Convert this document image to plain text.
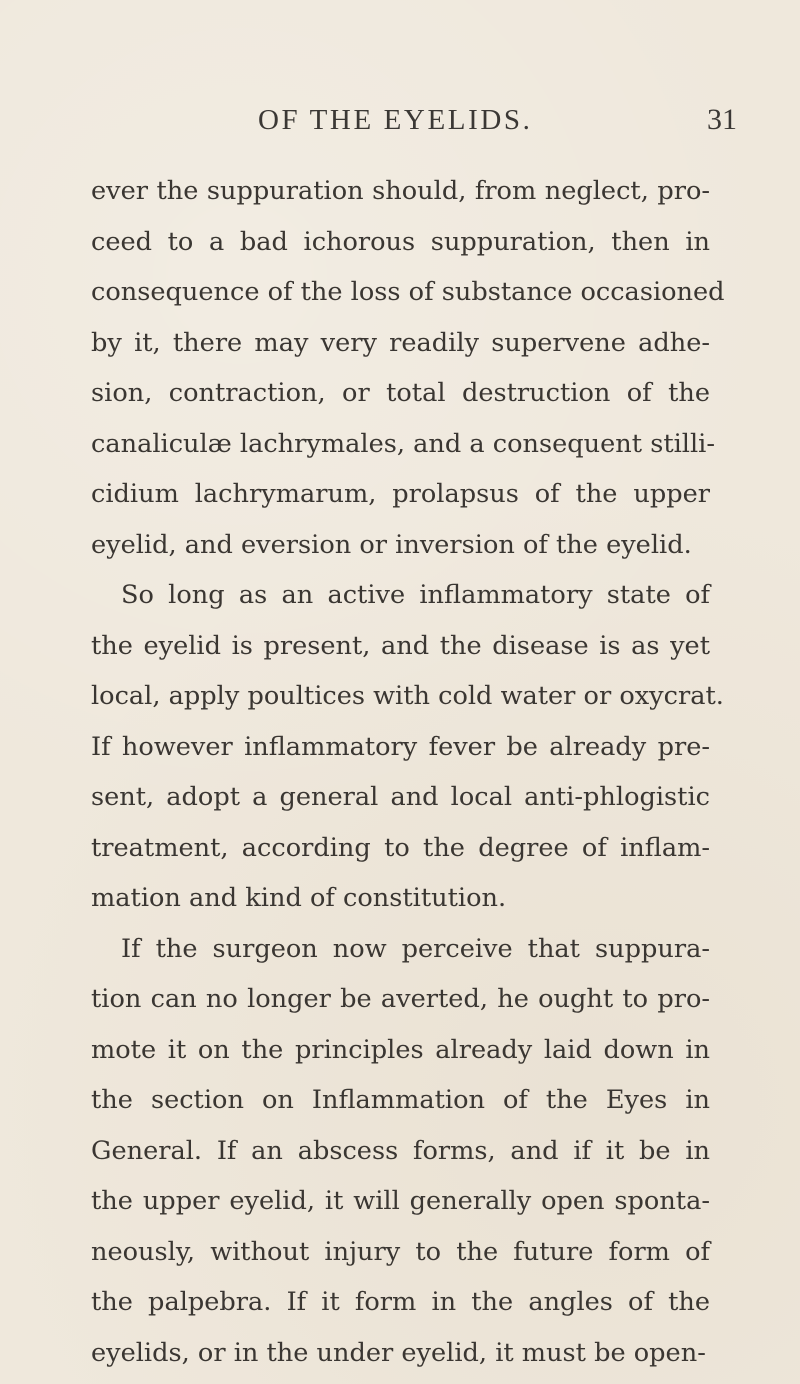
OF THE EYELIDS.	31
ever the suppuration should, from neglect, pro-
ceed to a bad ichorous suppuration, then in
consequence of the loss of substance occasioned
by it, there may very readily supervene adhe-
sion, contraction, or total destruction of the
canaliculæ lachrymales, and a consequent stilli-
cidium lachrymarum, prolapsus of the upper
eyelid, and eversion or inversion of the eyelid.
So long as an active inflammatory state of
the eyelid is present, and the disease is as yet
local, apply poultices with cold water or oxycrat.
If however inflammatory fever be already pre-
sent, adopt a general and local anti-phlogistic
treatment, according to the degree of inflam-
mation and kind of constitution.
If the surgeon now perceive that suppura-
tion can no longer be averted, he ought to pro-
mote it on the principles already laid down in
the section on Inflammation of the Eyes in
General. If an abscess forms, and if it be in
the upper eyelid, it will generally open sponta-
neously, without injury to the future form of
the palpebra. If it form in the angles of the
eyelids, or in the under eyelid, it must be open-
